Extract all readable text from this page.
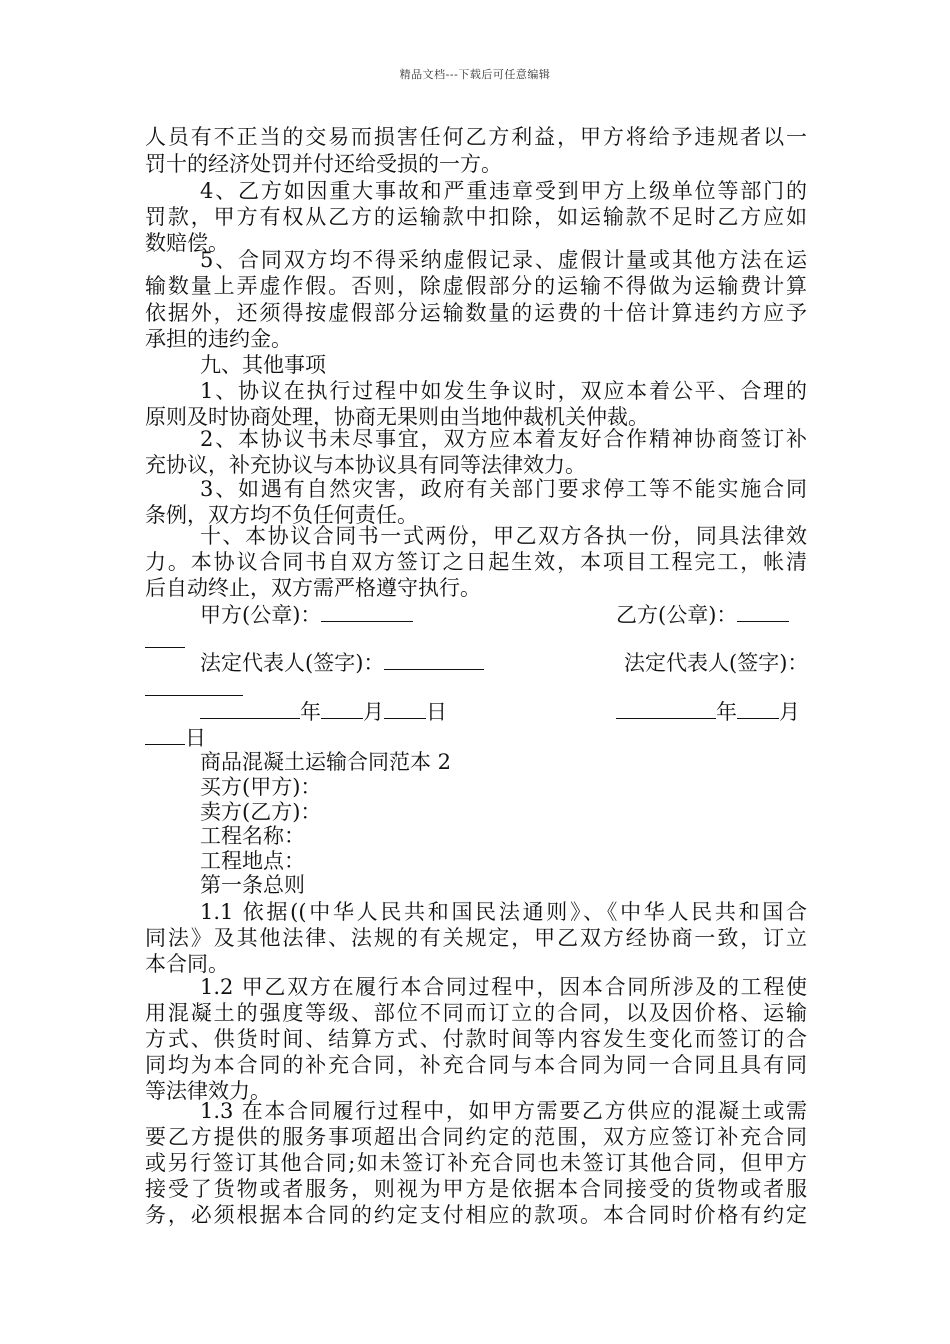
精品文档---下载后可任意编辑
人员有不正当的交易而损害任何乙方利益，甲方将给予违规者以一
罚十的经济处罚并付还给受损的一方。
4、乙方如因重大事故和严重违章受到甲方上级单位等部门的
罚款，甲方有权从乙方的运输款中扣除，如运输款不足时乙方应如
数赔偿。
5、合同双方均不得采纳虚假记录、虚假计量或其他方法在运
输数量上弄虚作假。否则，除虚假部分的运输不得做为运输费计算
依据外，还须得按虚假部分运输数量的运费的十倍计算违约方应予
承担的违约金。
九、其他事项
1、协议在执行过程中如发生争议时，双应本着公平、合理的
原则及时协商处理，协商无果则由当地仲裁机关仲裁。
2、本协议书未尽事宜，双方应本着友好合作精神协商签订补
充协议，补充协议与本协议具有同等法律效力。
3、如遇有自然灾害，政府有关部门要求停工等不能实施合同
条例，双方均不负任何责任。
十、本协议合同书一式两份，甲乙双方各执一份，同具法律效
力。本协议合同书自双方签订之日起生效，本项目工程完工，帐清
后自动终止，双方需严格遵守执行。
甲方(公章)：	乙方(公章)：
法定代表人(签字)：	法定代表人(签字)：
年 月 日	年 月
日
商品混凝土运输合同范本 2
买方(甲方)：
卖方(乙方)：
工程名称：
工程地点：
第一条总则
1.1 依据((中华人民共和国民法通则》、《中华人民共和国合
同法》及其他法律、法规的有关规定，甲乙双方经协商一致，订立
本合同。
1.2 甲乙双方在履行本合同过程中，因本合同所涉及的工程使
用混凝土的强度等级、部位不同而订立的合同，以及因价格、运输
方式、供货时间、结算方式、付款时间等内容发生变化而签订的合
同均为本合同的补充合同，补充合同与本合同为同一合同且具有同
等法律效力。
1.3 在本合同履行过程中，如甲方需要乙方供应的混凝土或需
要乙方提供的服务事项超出合同约定的范围，双方应签订补充合同
或另行签订其他合同;如未签订补充合同也未签订其他合同，但甲方
接受了货物或者服务，则视为甲方是依据本合同接受的货物或者服
务，必须根据本合同的约定支付相应的款项。本合同时价格有约定
